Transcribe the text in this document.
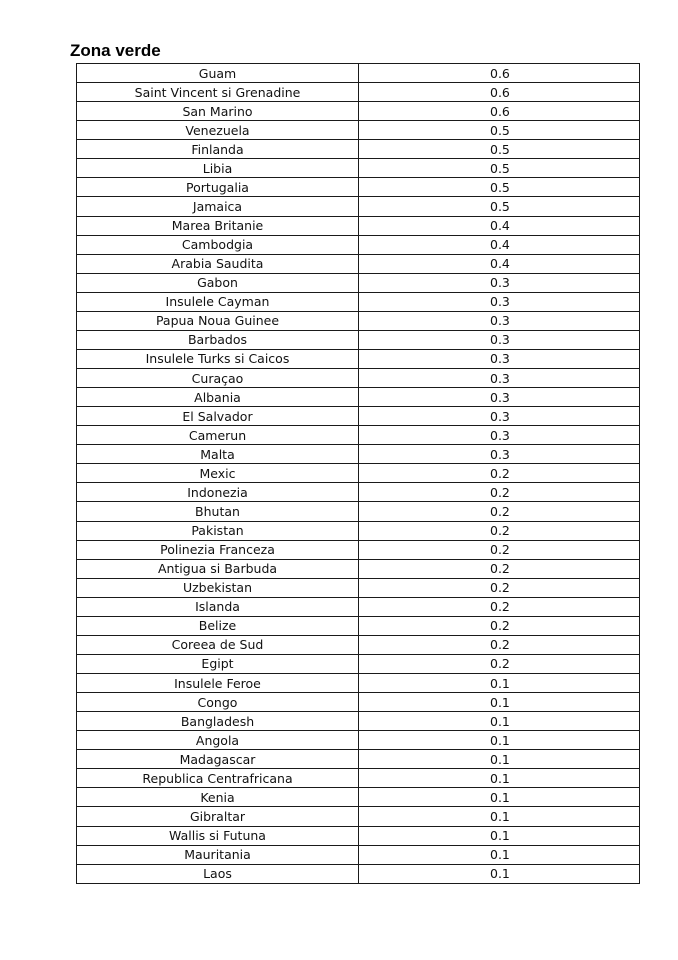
Zona verde
Guam	0.6
Saint Vincent si Grenadine	0.6
San Marino	0.6
Venezuela	0.5
Finlanda	0.5
Libia	0.5
Portugalia	0.5
Jamaica	0.5
Marea Britanie	0.4
Cambodgia	0.4
Arabia Saudita	0.4
Gabon	0.3
Insulele Cayman	0.3
Papua Noua Guinee	0.3
Barbados	0.3
Insulele Turks si Caicos	0.3
Curaçao	0.3
Albania	0.3
El Salvador	0.3
Camerun	0.3
Malta	0.3
Mexic	0.2
Indonezia	0.2
Bhutan	0.2
Pakistan	0.2
Polinezia Franceza	0.2
Antigua si Barbuda	0.2
Uzbekistan	0.2
Islanda	0.2
Belize	0.2
Coreea de Sud	0.2
Egipt	0.2
Insulele Feroe	0.1
Congo	0.1
Bangladesh	0.1
Angola	0.1
Madagascar	0.1
Republica Centrafricana	0.1
Kenia	0.1
Gibraltar	0.1
Wallis si Futuna	0.1
Mauritania	0.1
Laos	0.1
